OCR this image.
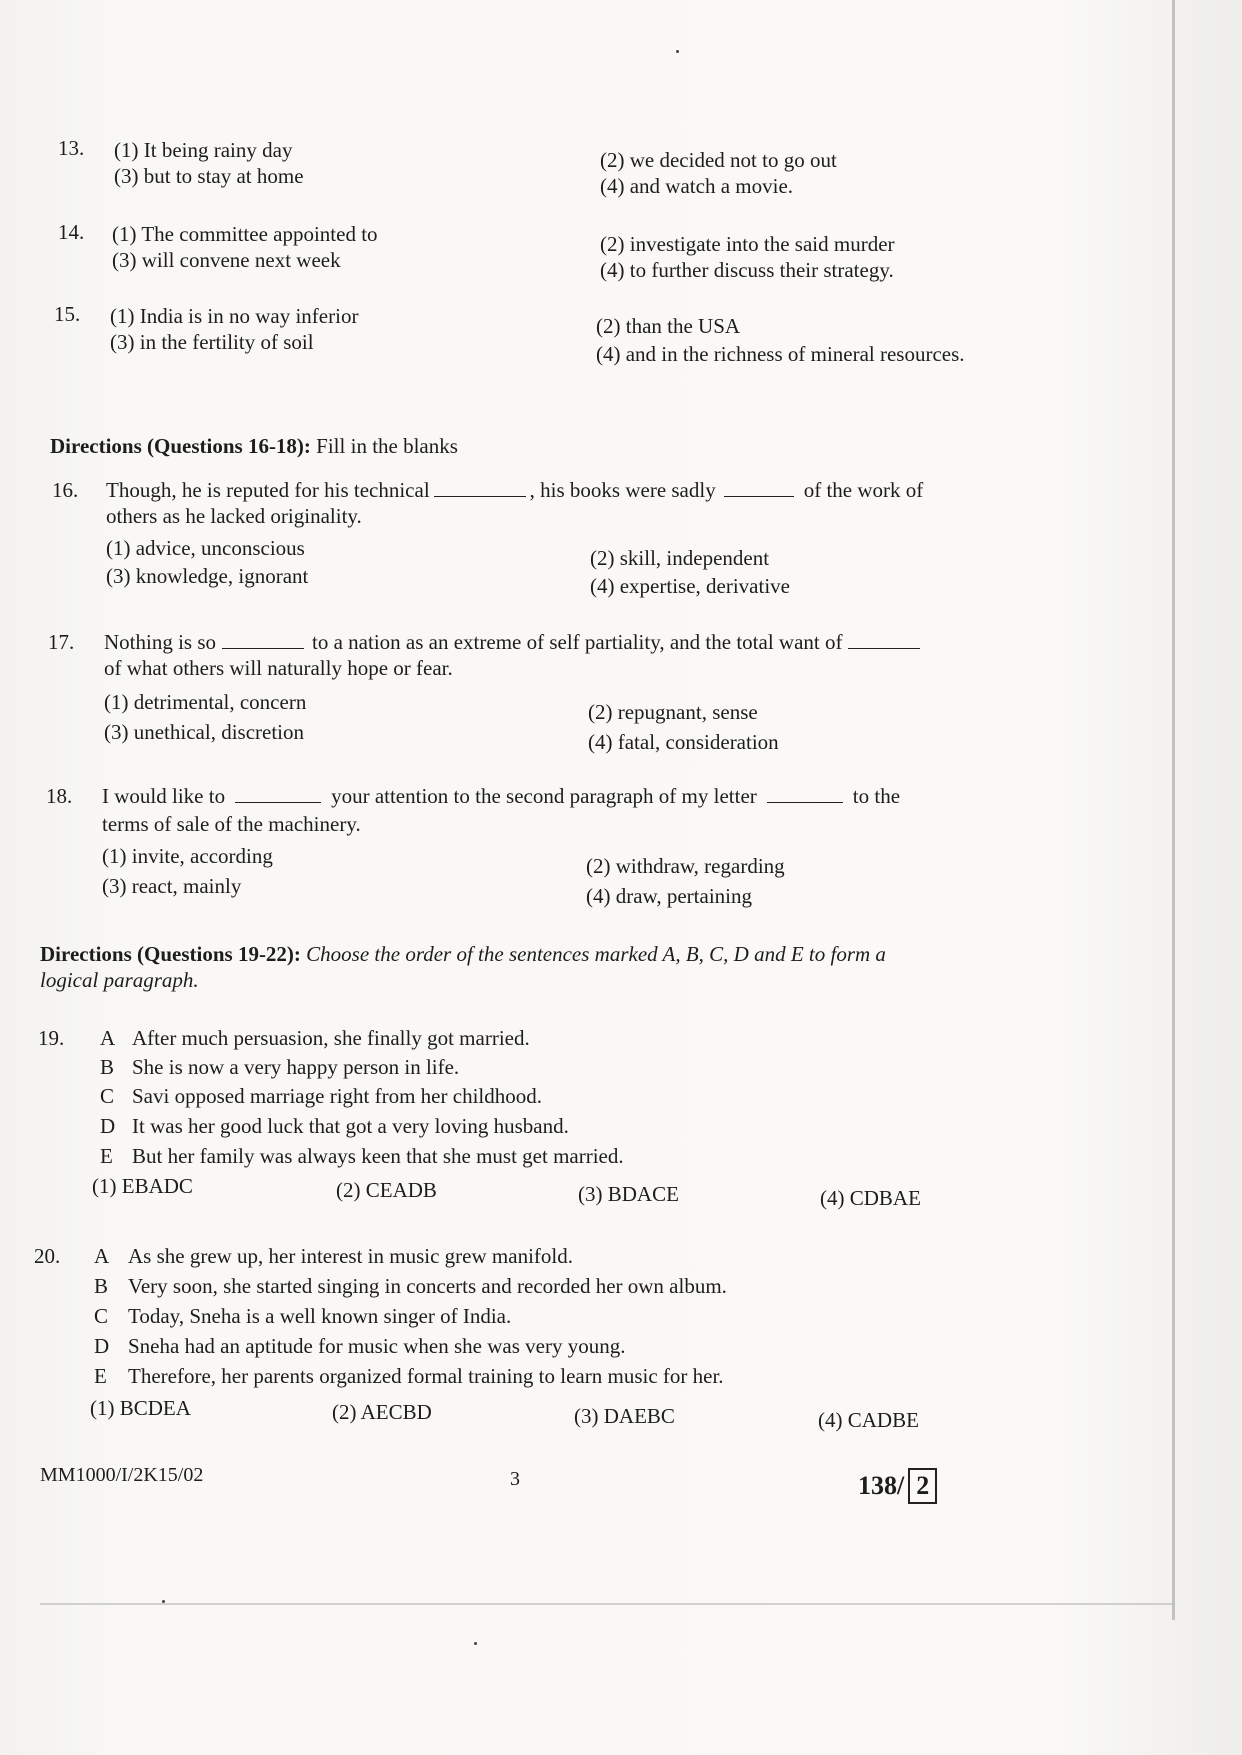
13. (1) It being rainy day	(2) we decided not to go out
(3) but to stay at home	(4) and watch a movie.
14. (1) The committee appointed to	(2) investigate into the said murder
(3) will convene next week	(4) to further discuss their strategy.
15. (1) India is in no way inferior	(2) than the USA
(3) in the fertility of soil	(4) and in the richness of mineral resources.
Directions (Questions 16-18): Fill in the blanks
16. Though, he is reputed for his technical	, his books were sadly	of the work of
others as he lacked originality.
(1) advice, unconscious	(2) skill, independent
(3) knowledge, ignorant	(4) expertise, derivative
17. Nothing is so	to a nation as an extreme of self partiality, and the total want of
of what others will naturally hope or fear.
(1) detrimental, concern	(2) repugnant, sense
(3) unethical, discretion	(4) fatal, consideration
18. I would like to	your attention to the second paragraph of my letter	to the
terms of sale of the machinery.
(1) invite, according	(2) withdraw, regarding
(3) react, mainly	(4) draw, pertaining
Directions (Questions 19-22): Choose the order of the sentences marked A, B, C, D and E to form a
logical paragraph.
19. A After much persuasion, she finally got married.
B She is now a very happy person in life.
C Savi opposed marriage right from her childhood.
D It was her good luck that got a very loving husband.
E But her family was always keen that she must get married.
(1) EBADC	(2) CEADB	(3) BDACE	(4) CDBAE
20. A As she grew up, her interest in music grew manifold.
B Very soon, she started singing in concerts and recorded her own album.
C Today, Sneha is a well known singer of India.
D Sneha had an aptitude for music when she was very young.
E Therefore, her parents organized formal training to learn music for her.
(1) BCDEA	(2) AECBD	(3) DAEBC	(4) CADBE
MM1000/I/2K15/02	3	138/ 2
